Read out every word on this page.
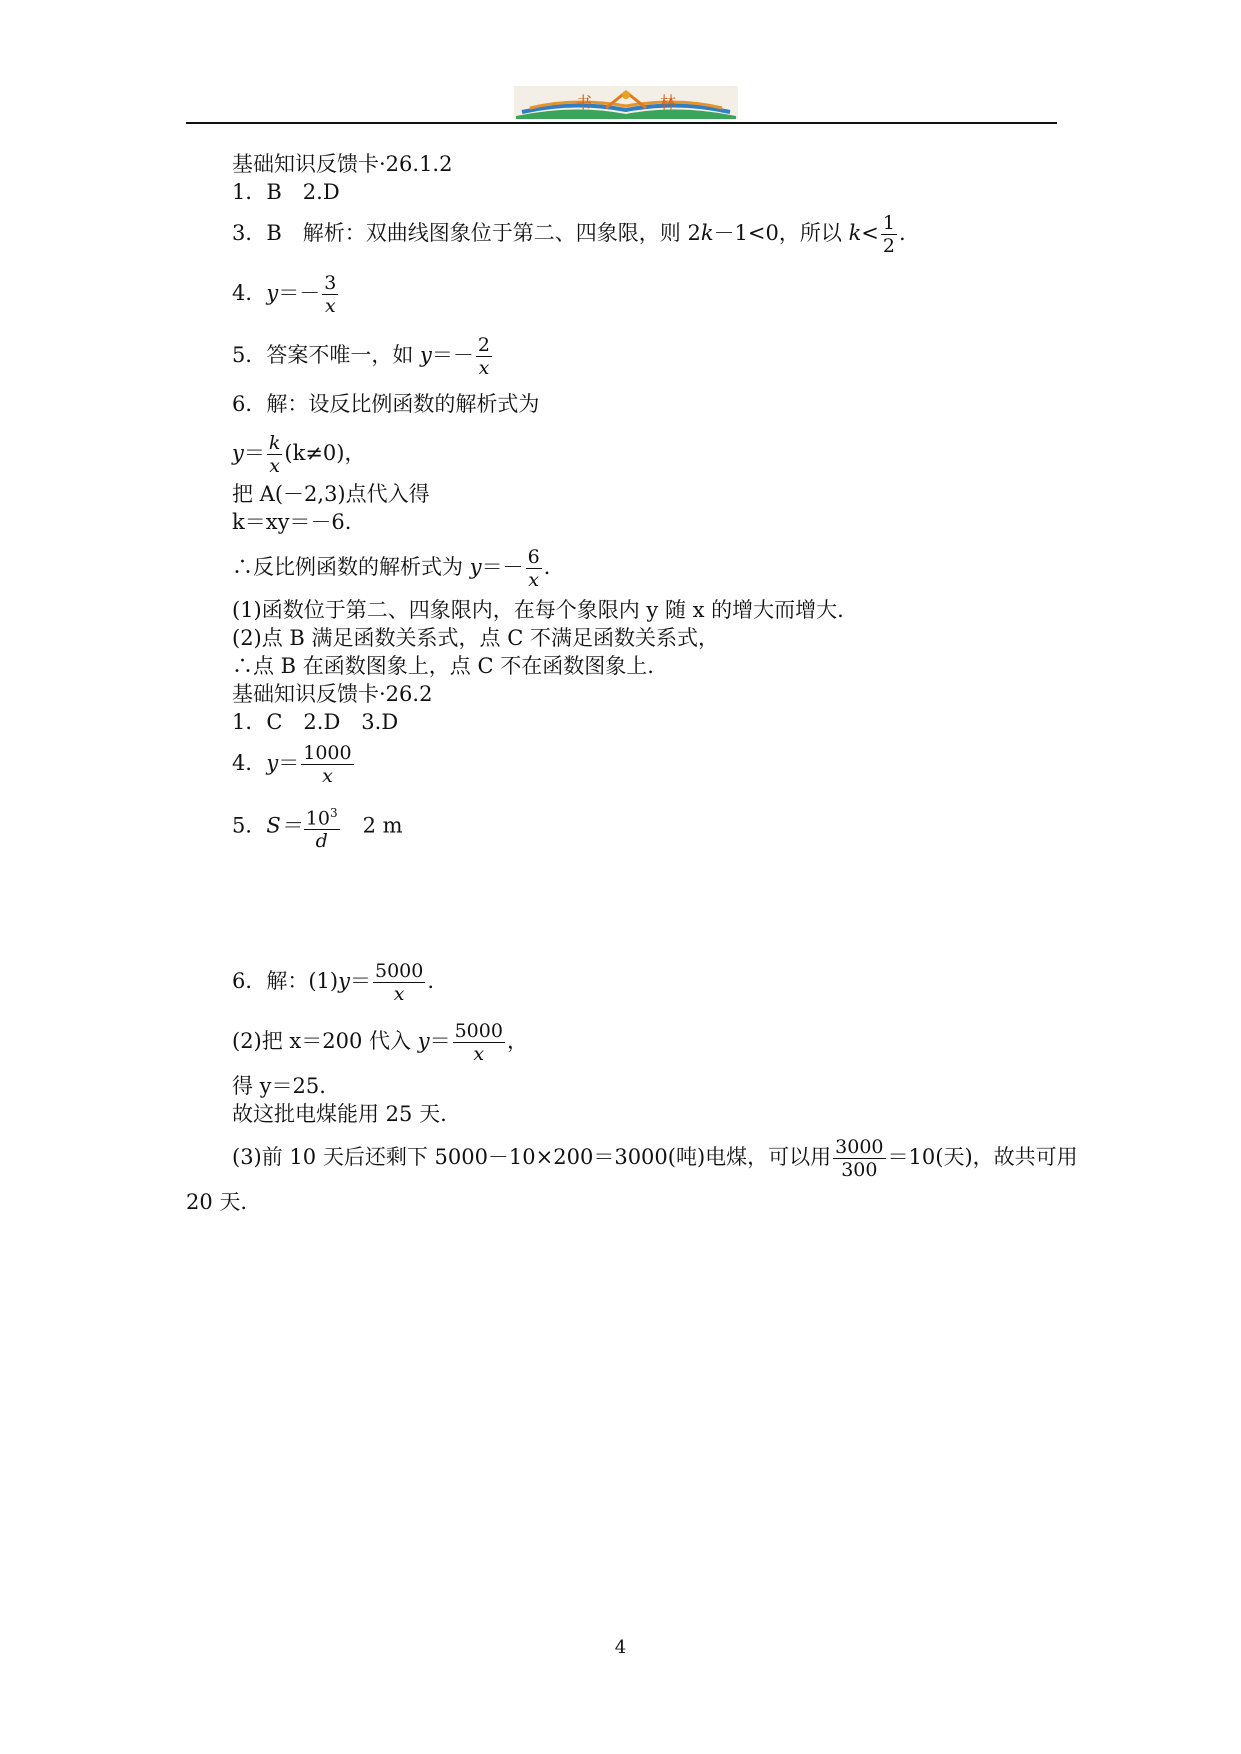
书	林
基础知识反馈卡·26.1.2
1．B　2.D
3．B　解析：双曲线图象位于第二、四象限，则 2k－1<0，所以 $k< \frac{1}{2}$ .
4．$y=- \frac{3}{x}$
5．答案不唯一，如 $y=- \frac{2}{x}$
6．解：设反比例函数的解析式为
$y= \frac{k}{x} (k\ne 0)$，
把 A(－2,3)点代入得
k＝xy＝－6.
∴反比例函数的解析式为 $y=- \frac{6}{x}$ .
(1)函数位于第二、四象限内，在每个象限内 y 随 x 的增大而增大.
(2)点 B 满足函数关系式，点 C 不满足函数关系式，
∴点 B 在函数图象上，点 C 不在函数图象上.
基础知识反馈卡·26.2
1．C　2.D　3.D
4．$y= \frac{1000}{x}$
5．$S= \frac{10^3}{d}$ 　2 m
6．解：$(1)y= \frac{5000}{x}$ .
(2)把 x＝200 代入 $y= \frac{5000}{x}$ ，
得 y＝25.
故这批电煤能用 25 天.
(3)前 10 天后还剩下 5000－10×200＝3000(吨)电煤，可以用 $\frac{3000}{300} =10$(天)，故共可用
20 天.
4
